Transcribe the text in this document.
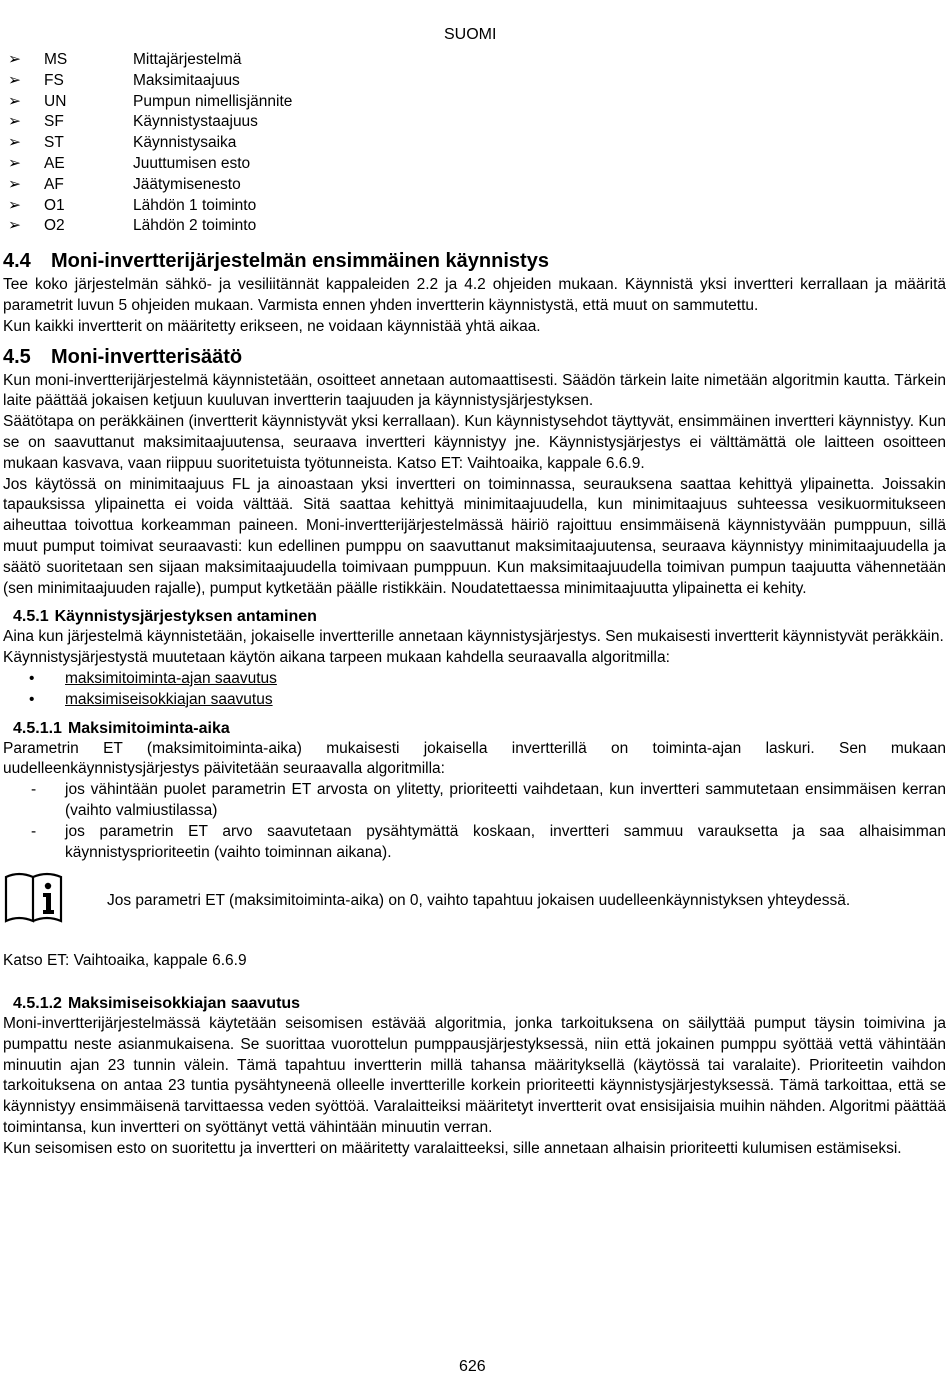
SUOMI
➢	MS	Mittajärjestelmä
➢	FS	Maksimitaajuus
➢	UN	Pumpun nimellisjännite
➢	SF	Käynnistystaajuus
➢	ST	Käynnistysaika
➢	AE	Juuttumisen esto
➢	AF	Jäätymisenesto
➢	O1	Lähdön 1 toiminto
➢	O2	Lähdön 2 toiminto
4.4 Moni-invertterijärjestelmän ensimmäinen käynnistys

Tee koko järjestelmän sähkö- ja vesiliitännät kappaleiden 2.2 ja 4.2 ohjeiden mukaan. Käynnistä yksi invertteri kerrallaan ja määritä parametrit luvun 5 ohjeiden mukaan. Varmista ennen yhden invertterin käynnistystä, että muut on sammutettu.

Kun kaikki invertterit on määritetty erikseen, ne voidaan käynnistää yhtä aikaa.

4.5 Moni-invertterisäätö

Kun moni-invertterijärjestelmä käynnistetään, osoitteet annetaan automaattisesti. Säädön tärkein laite nimetään algoritmin kautta. Tärkein laite päättää jokaisen ketjuun kuuluvan invertterin taajuuden ja käynnistysjärjestyksen.

Säätötapa on peräkkäinen (invertterit käynnistyvät yksi kerrallaan). Kun käynnistysehdot täyttyvät, ensimmäinen invertteri käynnistyy. Kun se on saavuttanut maksimitaajuutensa, seuraava invertteri käynnistyy jne. Käynnistysjärjestys ei välttämättä ole laitteen osoitteen mukaan kasvava, vaan riippuu suoritetuista työtunneista. Katso ET: Vaihtoaika, kappale 6.6.9.

Jos käytössä on minimitaajuus FL ja ainoastaan yksi invertteri on toiminnassa, seurauksena saattaa kehittyä ylipainetta. Joissakin tapauksissa ylipainetta ei voida välttää. Sitä saattaa kehittyä minimitaajuudella, kun minimitaajuus suhteessa vesikuormitukseen aiheuttaa toivottua korkeamman paineen. Moni-invertterijärjestelmässä häiriö rajoittuu ensimmäisenä käynnistyvään pumppuun, sillä muut pumput toimivat seuraavasti: kun edellinen pumppu on saavuttanut maksimitaajuutensa, seuraava käynnistyy minimitaajuudella ja säätö suoritetaan sen sijaan maksimitaajuudella toimivaan pumppuun. Kun maksimitaajuudella toimivan pumpun taajuutta vähennetään (sen minimitaajuuden rajalle), pumput kytketään päälle ristikkäin. Noudatettaessa minimitaajuutta ylipainetta ei kehity.

4.5.1 Käynnistysjärjestyksen antaminen

Aina kun järjestelmä käynnistetään, jokaiselle invertterille annetaan käynnistysjärjestys. Sen mukaisesti invertterit käynnistyvät peräkkäin.

Käynnistysjärjestystä muutetaan käytön aikana tarpeen mukaan kahdella seuraavalla algoritmilla:

•	maksimitoiminta-ajan saavutus
•	maksimiseisokkiajan saavutus
4.5.1.1 Maksimitoiminta-aika

Parametrin ET (maksimitoiminta-aika) mukaisesti jokaisella invertterillä on toiminta-ajan laskuri. Sen mukaan uudelleenkäynnistysjärjestys päivitetään seuraavalla algoritmilla:

-	jos vähintään puolet parametrin ET arvosta on ylitetty, prioriteetti vaihdetaan, kun invertteri sammutetaan ensimmäisen kerran (vaihto valmiustilassa)
-	jos parametrin ET arvo saavutetaan pysähtymättä koskaan, invertteri sammuu varauksetta ja saa alhaisimman käynnistysprioriteetin (vaihto toiminnan aikana).
Jos parametri ET (maksimitoiminta-aika) on 0, vaihto tapahtuu jokaisen uudelleenkäynnistyksen yhteydessä.

Katso ET: Vaihtoaika, kappale 6.6.9

4.5.1.2 Maksimiseisokkiajan saavutus

Moni-invertterijärjestelmässä käytetään seisomisen estävää algoritmia, jonka tarkoituksena on säilyttää pumput täysin toimivina ja pumpattu neste asianmukaisena. Se suorittaa vuorottelun pumppausjärjestyksessä, niin että jokainen pumppu syöttää vettä vähintään minuutin ajan 23 tunnin välein. Tämä tapahtuu invertterin millä tahansa määrityksellä (käytössä tai varalaite). Prioriteetin vaihdon tarkoituksena on antaa 23 tuntia pysähtyneenä olleelle invertterille korkein prioriteetti käynnistysjärjestyksessä. Tämä tarkoittaa, että se käynnistyy ensimmäisenä tarvittaessa veden syöttöä. Varalaitteiksi määritetyt invertterit ovat ensisijaisia muihin nähden. Algoritmi päättää toimintansa, kun invertteri on syöttänyt vettä vähintään minuutin verran.

Kun seisomisen esto on suoritettu ja invertteri on määritetty varalaitteeksi, sille annetaan alhaisin prioriteetti kulumisen estämiseksi.

626
